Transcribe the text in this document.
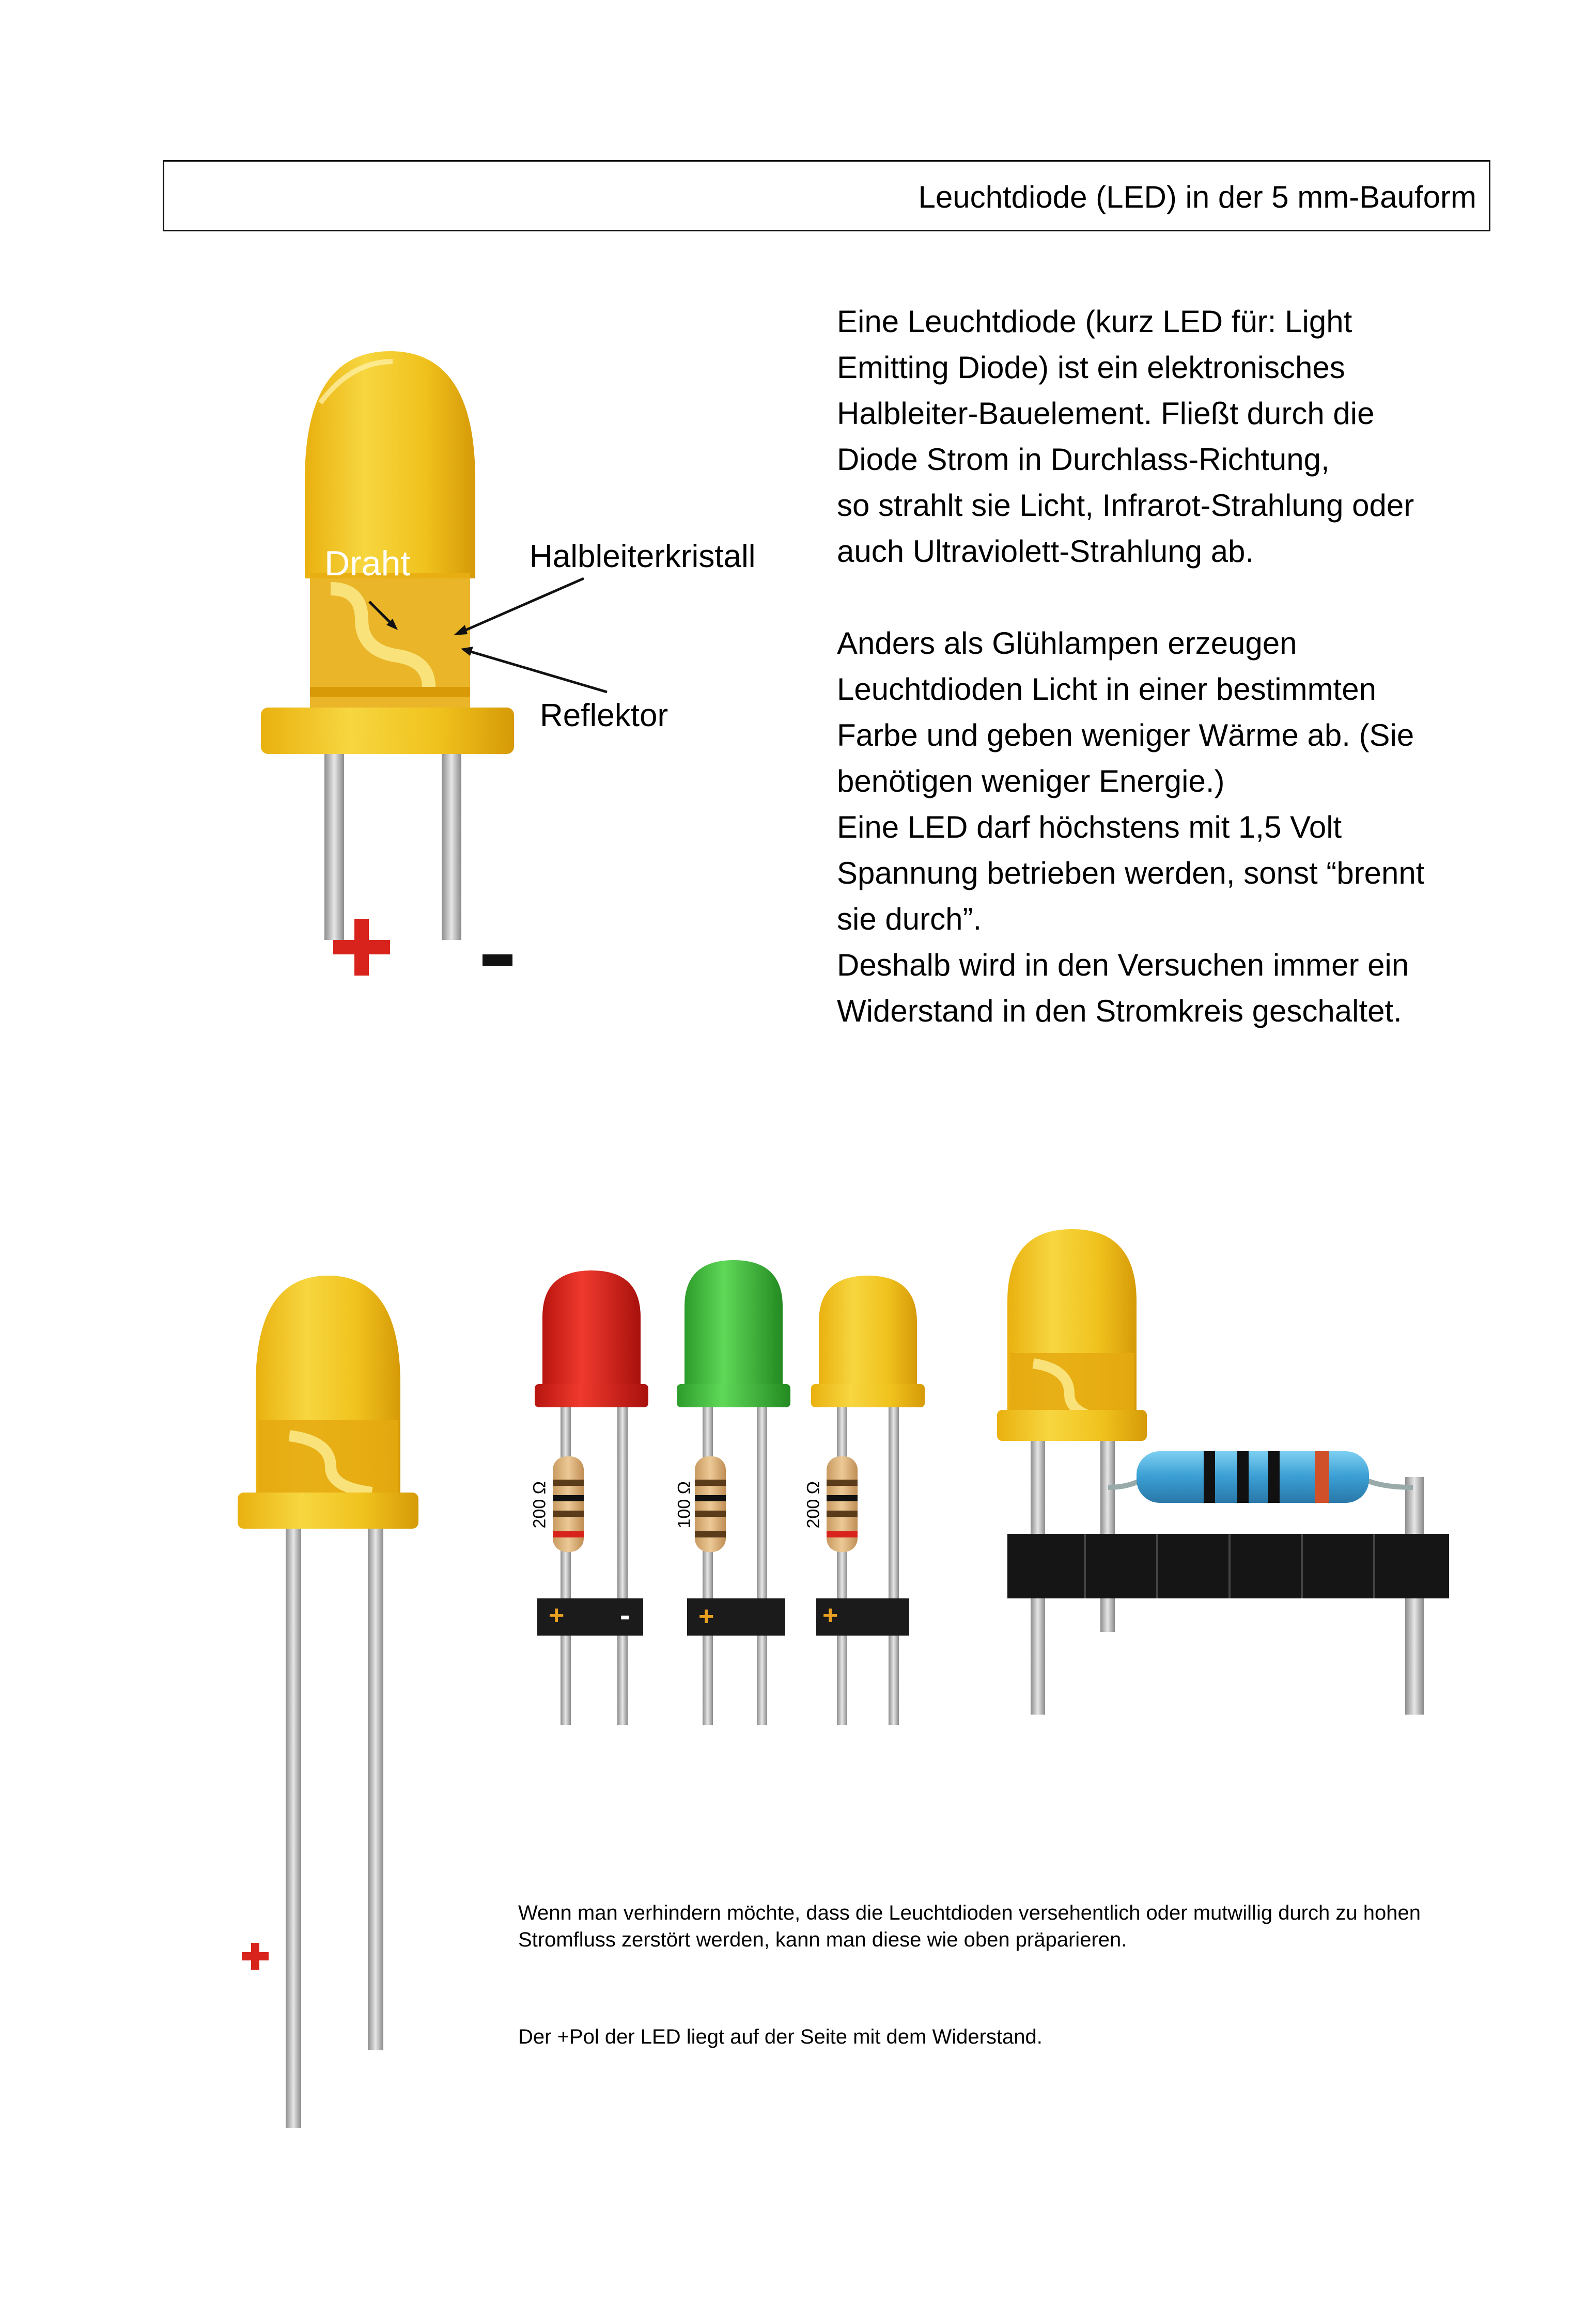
Leuchtdiode (LED) in der 5 mm-Bauform

Eine Leuchtdiode (kurz LED für: Light

Emitting Diode) ist ein elektronisches

Halbleiter-Bauelement. Fließt durch die

Diode Strom in Durchlass-Richtung,

so strahlt sie Licht, Infrarot-Strahlung oder

auch Ultraviolett-Strahlung ab.

Anders als Glühlampen erzeugen

Leuchtdioden Licht in einer bestimmten

Farbe und geben weniger Wärme ab. (Sie

benötigen weniger Energie.)

Eine LED darf höchstens mit 1,5 Volt

Spannung betrieben werden, sonst “brennt

sie durch”.

Deshalb wird in den Versuchen immer ein

Widerstand in den Stromkreis geschaltet.

Draht	Halbleiterkristall
Reflektor
200 Ω	100 Ω	200 Ω
+ -	+	+
Wenn man verhindern möchte, dass die Leuchtdioden versehentlich oder mutwillig durch zu hohen
Stromfluss zerstört werden, kann man diese wie oben präparieren.
Der +Pol der LED liegt auf der Seite mit dem Widerstand.
